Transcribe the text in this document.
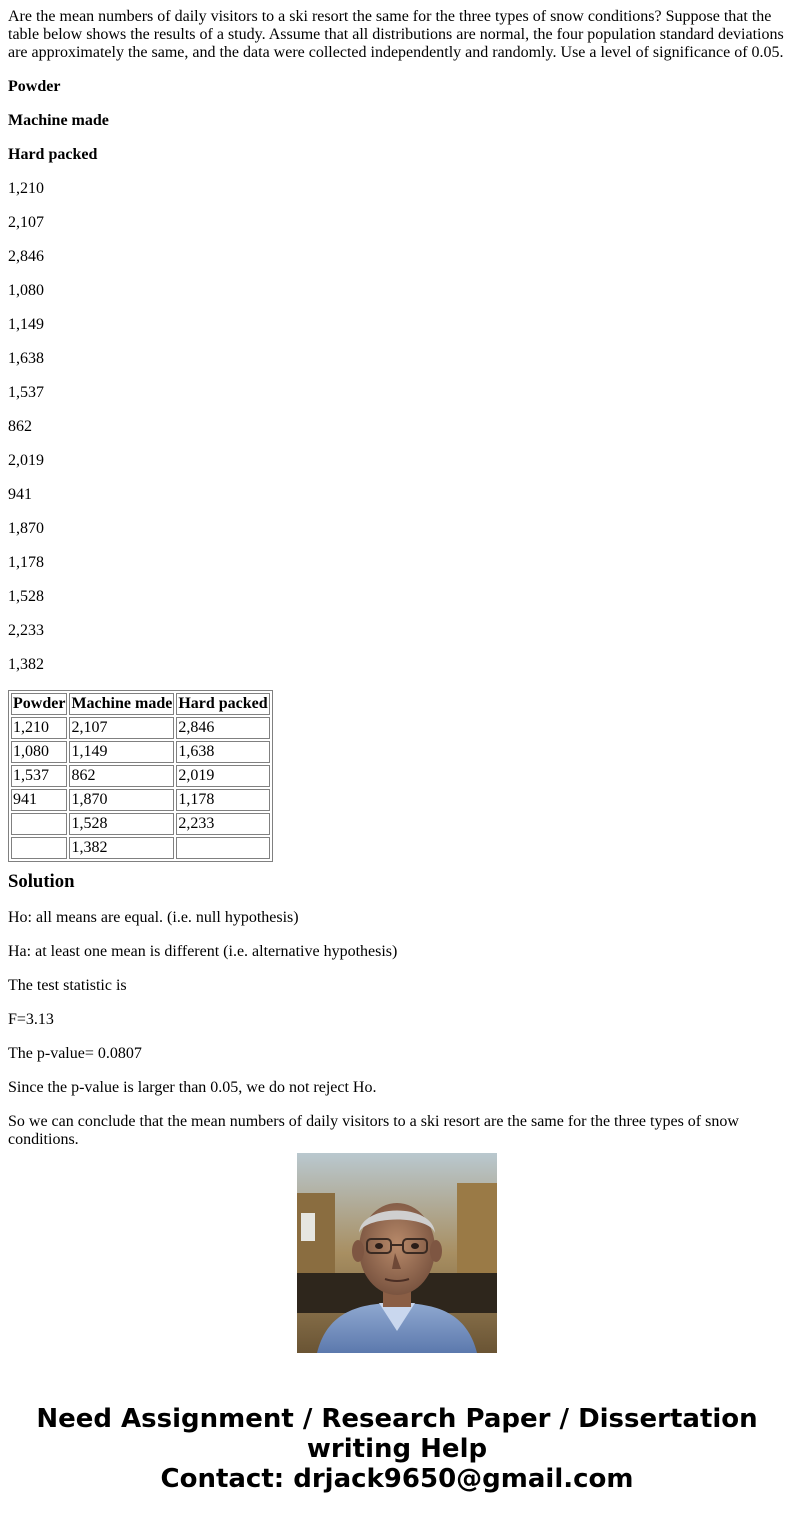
Are the mean numbers of daily visitors to a ski resort the same for the three types of snow conditions? Suppose that the table below shows the results of a study. Assume that all distributions are normal, the four population standard deviations are approximately the same, and the data were collected independently and randomly. Use a level of significance of 0.05.

Powder

Machine made

Hard packed

1,210

2,107

2,846

1,080

1,149

1,638

1,537

862

2,019

941

1,870

1,178

1,528

2,233

1,382

Powder	Machine made	Hard packed
1,210	2,107	2,846
1,080	1,149	1,638
1,537	862	2,019
941	1,870	1,178
	1,528	2,233
	1,382	
Solution

Ho: all means are equal. (i.e. null hypothesis)

Ha: at least one mean is different (i.e. alternative hypothesis)

The test statistic is

F=3.13

The p-value= 0.0807

Since the p-value is larger than 0.05, we do not reject Ho.

So we can conclude that the mean numbers of daily visitors to a ski resort are the same for the three types of snow conditions.

Need Assignment / Research Paper / Dissertation
writing Help
Contact: drjack9650@gmail.com
